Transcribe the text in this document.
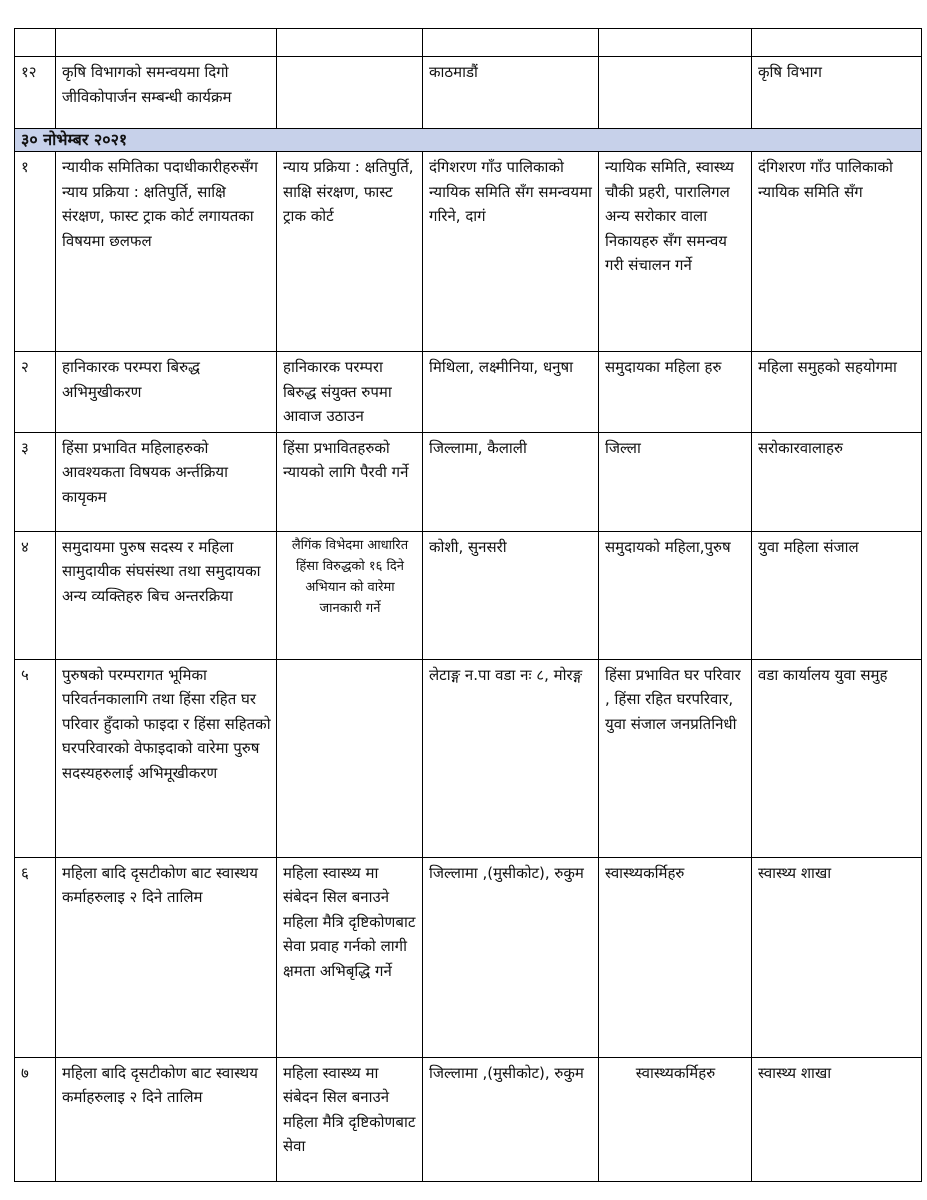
१२	कृषि विभागको समन्वयमा दिगो जीविकोपार्जन सम्बन्धी कार्यक्रम		काठमाडौं		कृषि विभाग
३० नोभेम्बर २०२१					
१	न्यायीक समितिका पदाधीकारीहरुसँग न्याय प्रक्रिया : क्षतिपुर्ति, साक्षि संरक्षण, फास्ट ट्राक कोर्ट लगायतका विषयमा छलफल	न्याय प्रक्रिया : क्षतिपुर्ति, साक्षि संरक्षण, फास्ट ट्राक कोर्ट	दंगिशरण गाँउ पालिकाको न्यायिक समिति सँग समन्वयमा गरिने, दागं	न्यायिक समिति, स्वास्थ्य चौकी प्रहरी, पारालिगल अन्य सरोकार वाला निकायहरु सँग समन्वय गरी संचालन गर्ने	दंगिशरण गाँउ पालिकाको न्यायिक समिति सँग
२	हानिकारक परम्परा बिरुद्ध अभिमुखीकरण	हानिकारक परम्परा बिरुद्ध संयुक्त रुपमा आवाज उठाउन	मिथिला, लक्ष्मीनिया, धनुषा	समुदायका महिला हरु	महिला समुहको सहयोगमा
३	हिंसा प्रभावित महिलाहरुको आवश्यकता विषयक अर्न्तक्रिया कायृकम	हिंसा प्रभावितहरुको न्यायको लागि पैरवी गर्ने	जिल्लामा, कैलाली	जिल्ला	सरोकारवालाहरु
४	समुदायमा पुरुष सदस्य र महिला सामुदायीक संघसंस्था तथा समुदायका अन्य व्यक्तिहरु बिच अन्तरक्रिया	लैगिंक विभेदमा आधारित हिंसा विरुद्धको १६ दिने अभियान को वारेमा जानकारी गर्ने	कोशी, सुनसरी	समुदायको महिला,पुरुष	युवा महिला संजाल
५	पुरुषको परम्परागत भूमिका परिवर्तनकालागि तथा हिंसा रहित घर परिवार हुँदाको फाइदा र हिंसा सहितको घरपरिवारको वेफाइदाको वारेमा पुरुष सदस्यहरुलाई अभिमूखीकरण		लेटाङ्ग न.पा वडा नः ८, मोरङ्ग	हिंसा प्रभावित घर परिवार , हिंसा रहित घरपरिवार, युवा संजाल जनप्रतिनिधी	वडा कार्यालय युवा समुह
६	महिला बादि दृसटीकोण बाट स्वास्थय कर्माहरुलाइ २ दिने तालिम	महिला स्वास्थ्य मा संबेदन सिल बनाउने महिला मैत्रि दृष्टिकोणबाट सेवा प्रवाह गर्नको लागी क्षमता अभिबृद्धि गर्ने	जिल्लामा ,(मुसीकोट), रुकुम	स्वास्थ्यकर्मिहरु	स्वास्थ्य शाखा
७	महिला बादि दृसटीकोण बाट स्वास्थय कर्माहरुलाइ २ दिने तालिम	महिला स्वास्थ्य मा संबेदन सिल बनाउने महिला मैत्रि दृष्टिकोणबाट सेवा	जिल्लामा ,(मुसीकोट), रुकुम	स्वास्थ्यकर्मिहरु	स्वास्थ्य शाखा
